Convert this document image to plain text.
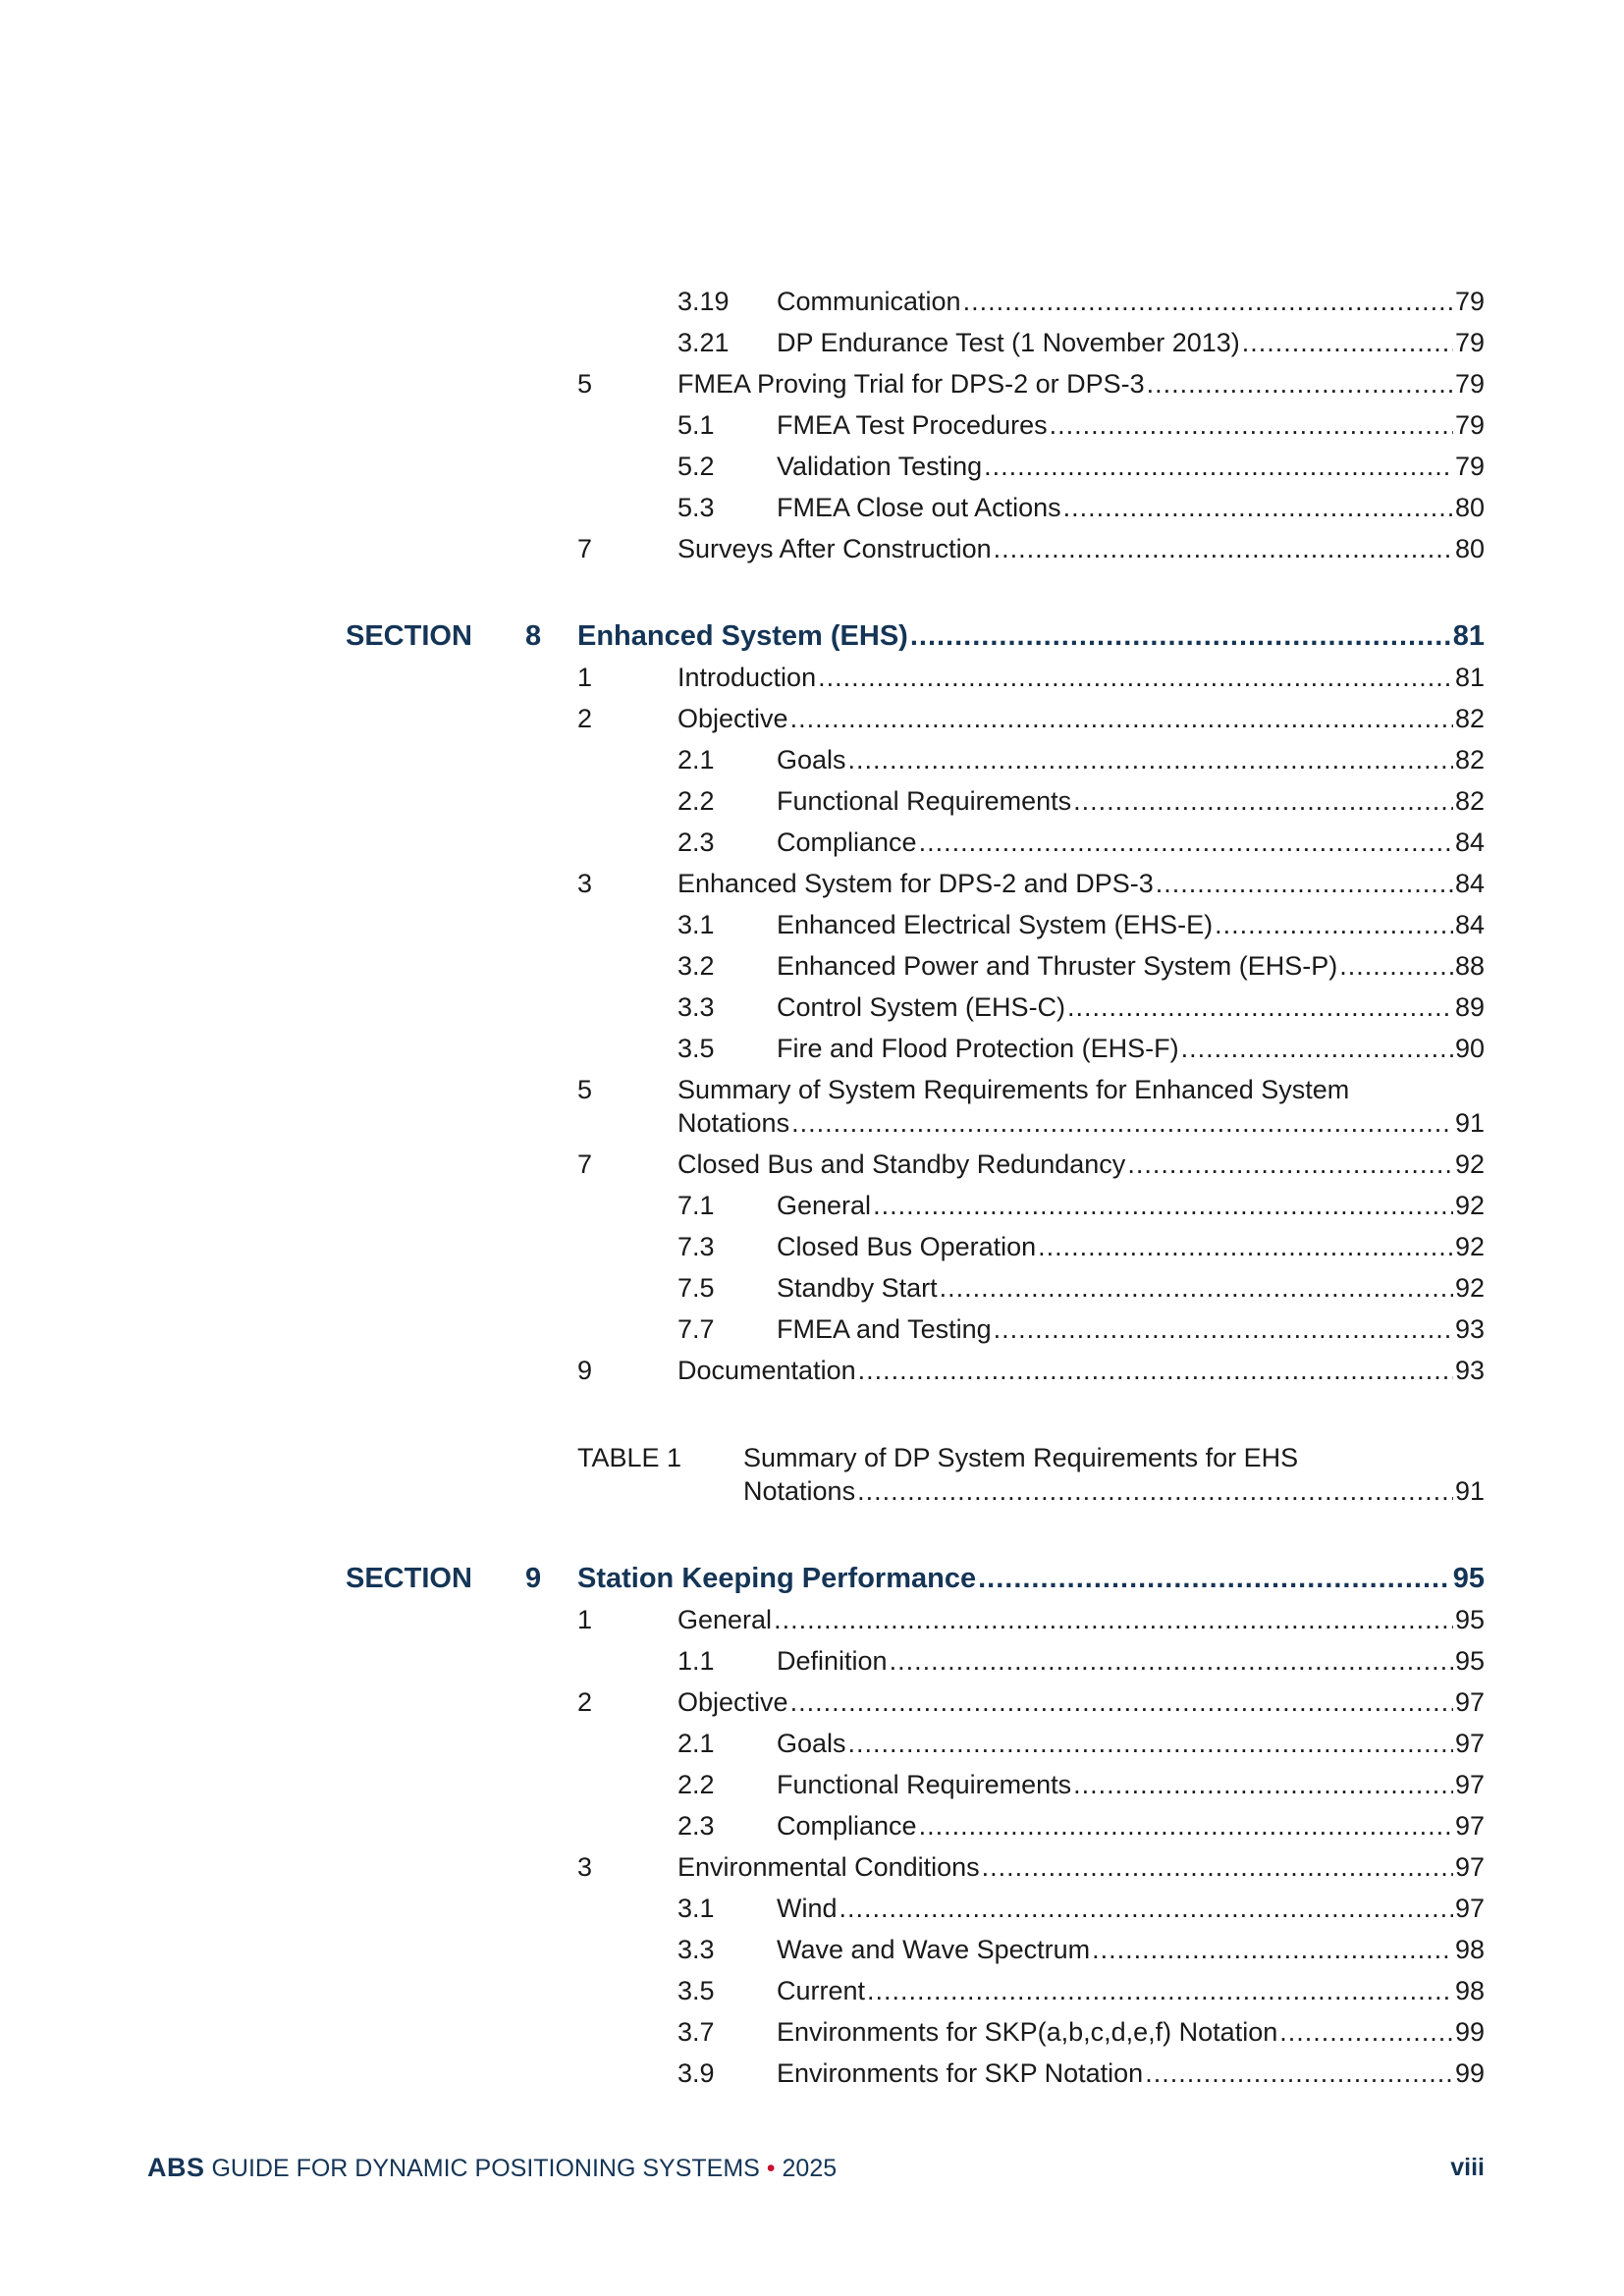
3.19 Communication .....	79
3.21 DP Endurance Test (1 November 2013) .....	79
5	FMEA Proving Trial for DPS-2 or DPS-3 .....	79
5.1 FMEA Test Procedures .....	79
5.2 Validation Testing .....	79
5.3 FMEA Close out Actions .....	80
7	Surveys After Construction .....	80
SECTION 8 Enhanced System (EHS) .....	81
1	Introduction .....	81
2	Objective .....	82
2.1 Goals .....	82
2.2 Functional Requirements .....	82
2.3 Compliance .....	84
3	Enhanced System for DPS-2 and DPS-3 .....	84
3.1 Enhanced Electrical System (EHS-E) .....	84
3.2 Enhanced Power and Thruster System (EHS-P) .....	88
3.3 Control System (EHS-C) .....	89
3.5 Fire and Flood Protection (EHS-F) .....	90
5	Summary of System Requirements for Enhanced System
Notations .....	91
7	Closed Bus and Standby Redundancy .....	92
7.1 General .....	92
7.3 Closed Bus Operation .....	92
7.5 Standby Start .....	92
7.7 FMEA and Testing .....	93
9	Documentation .....	93
TABLE 1 Summary of DP System Requirements for EHS
Notations .....	91
SECTION 9 Station Keeping Performance .....	95
1	General .....	95
1.1 Definition .....	95
2	Objective .....	97
2.1 Goals .....	97
2.2 Functional Requirements .....	97
2.3 Compliance .....	97
3	Environmental Conditions .....	97
3.1 Wind .....	97
3.3 Wave and Wave Spectrum .....	98
3.5 Current .....	98
3.7 Environments for SKP(a,b,c,d,e,f) Notation .....	99
3.9 Environments for SKP Notation .....	99
ABS GUIDE FOR DYNAMIC POSITIONING SYSTEMS • 2025	viii
